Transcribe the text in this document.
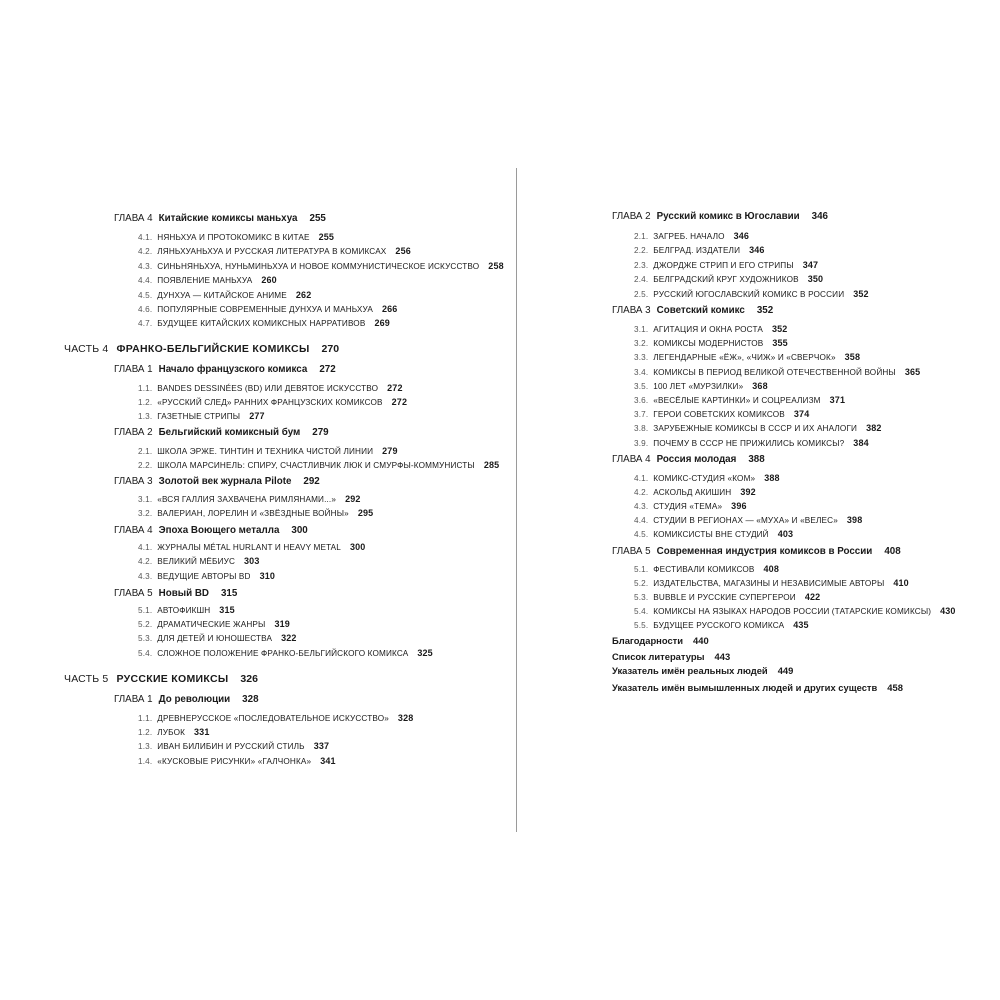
ГЛАВА 4 Китайские комиксы маньхуа 255
4.1. НЯНЬХУА И ПРОТОКОМИКС В КИТАЕ 255
4.2. ЛЯНЬХУАНЬХУА И РУССКАЯ ЛИТЕРАТУРА В КОМИКСАХ 256
4.3. СИНЬНЯНЬХУА, НУНЬМИНЬХУА И НОВОЕ КОММУНИСТИЧЕСКОЕ ИСКУССТВО 258
4.4. ПОЯВЛЕНИЕ МАНЬХУА 260
4.5. ДУНХУА — КИТАЙСКОЕ АНИМЕ 262
4.6. ПОПУЛЯРНЫЕ СОВРЕМЕННЫЕ ДУНХУА И МАНЬХУА 266
4.7. БУДУЩЕЕ КИТАЙСКИХ КОМИКСНЫХ НАРРАТИВОВ 269
ЧАСТЬ 4 ФРАНКО-БЕЛЬГИЙСКИЕ КОМИКСЫ 270
ГЛАВА 1 Начало французского комикса 272
1.1. BANDES DESSINÉES (BD) ИЛИ ДЕВЯТОЕ ИСКУССТВО 272
1.2. «РУССКИЙ СЛЕД» РАННИХ ФРАНЦУЗСКИХ КОМИКСОВ 272
1.3. ГАЗЕТНЫЕ СТРИПЫ 277
ГЛАВА 2 Бельгийский комиксный бум 279
2.1. ШКОЛА ЭРЖЕ. ТИНТИН И ТЕХНИКА ЧИСТОЙ ЛИНИИ 279
2.2. ШКОЛА МАРСИНЕЛЬ: СПИРУ, СЧАСТЛИВЧИК ЛЮК И СМУРФЫ-КОММУНИСТЫ 285
ГЛАВА 3 Золотой век журнала Pilote 292
3.1. «ВСЯ ГАЛЛИЯ ЗАХВАЧЕНА РИМЛЯНАМИ...» 292
3.2. ВАЛЕРИАН, ЛОРЕЛИН И «ЗВЁЗДНЫЕ ВОЙНЫ» 295
ГЛАВА 4 Эпоха Воющего металла 300
4.1. ЖУРНАЛЫ MÉTAL HURLANT И HEAVY METAL 300
4.2. ВЕЛИКИЙ МЁБИУС 303
4.3. ВЕДУЩИЕ АВТОРЫ BD 310
ГЛАВА 5 Новый BD 315
5.1. АВТОФИКШН 315
5.2. ДРАМАТИЧЕСКИЕ ЖАНРЫ 319
5.3. ДЛЯ ДЕТЕЙ И ЮНОШЕСТВА 322
5.4. СЛОЖНОЕ ПОЛОЖЕНИЕ ФРАНКО-БЕЛЬГИЙСКОГО КОМИКСА 325
ЧАСТЬ 5 РУССКИЕ КОМИКСЫ 326
ГЛАВА 1 До революции 328
1.1. ДРЕВНЕРУССКОЕ «ПОСЛЕДОВАТЕЛЬНОЕ ИСКУССТВО» 328
1.2. ЛУБОК 331
1.3. ИВАН БИЛИБИН И РУССКИЙ СТИЛЬ 337
1.4. «КУСКОВЫЕ РИСУНКИ» «ГАЛЧОНКА» 341
ГЛАВА 2 Русский комикс в Югославии 346
2.1. ЗАГРЕБ. НАЧАЛО 346
2.2. БЕЛГРАД. ИЗДАТЕЛИ 346
2.3. ДЖОРДЖЕ СТРИП И ЕГО СТРИПЫ 347
2.4. БЕЛГРАДСКИЙ КРУГ ХУДОЖНИКОВ 350
2.5. РУССКИЙ ЮГОСЛАВСКИЙ КОМИКС В РОССИИ 352
ГЛАВА 3 Советский комикс 352
3.1. АГИТАЦИЯ И ОКНА РОСТА 352
3.2. КОМИКСЫ МОДЕРНИСТОВ 355
3.3. ЛЕГЕНДАРНЫЕ «ЁЖ», «ЧИЖ» И «СВЕРЧОК» 358
3.4. КОМИКСЫ В ПЕРИОД ВЕЛИКОЙ ОТЕЧЕСТВЕННОЙ ВОЙНЫ 365
3.5. 100 ЛЕТ «МУРЗИЛКИ» 368
3.6. «ВЕСЁЛЫЕ КАРТИНКИ» И СОЦРЕАЛИЗМ 371
3.7. ГЕРОИ СОВЕТСКИХ КОМИКСОВ 374
3.8. ЗАРУБЕЖНЫЕ КОМИКСЫ В СССР И ИХ АНАЛОГИ 382
3.9. ПОЧЕМУ В СССР НЕ ПРИЖИЛИСЬ КОМИКСЫ? 384
ГЛАВА 4 Россия молодая 388
4.1. КОМИКС-СТУДИЯ «КОМ» 388
4.2. АСКОЛЬД АКИШИН 392
4.3. СТУДИЯ «ТЕМА» 396
4.4. СТУДИИ В РЕГИОНАХ — «МУХА» И «ВЕЛЕС» 398
4.5. КОМИКСИСТЫ ВНЕ СТУДИЙ 403
ГЛАВА 5 Современная индустрия комиксов в России 408
5.1. ФЕСТИВАЛИ КОМИКСОВ 408
5.2. ИЗДАТЕЛЬСТВА, МАГАЗИНЫ И НЕЗАВИСИМЫЕ АВТОРЫ 410
5.3. BUBBLE И РУССКИЕ СУПЕРГЕРОИ 422
5.4. КОМИКСЫ НА ЯЗЫКАХ НАРОДОВ РОССИИ (ТАТАРСКИЕ КОМИКСЫ) 430
5.5. БУДУЩЕЕ РУССКОГО КОМИКСА 435
Благодарности 440
Список литературы 443
Указатель имён реальных людей 449
Указатель имён вымышленных людей и других существ 458
